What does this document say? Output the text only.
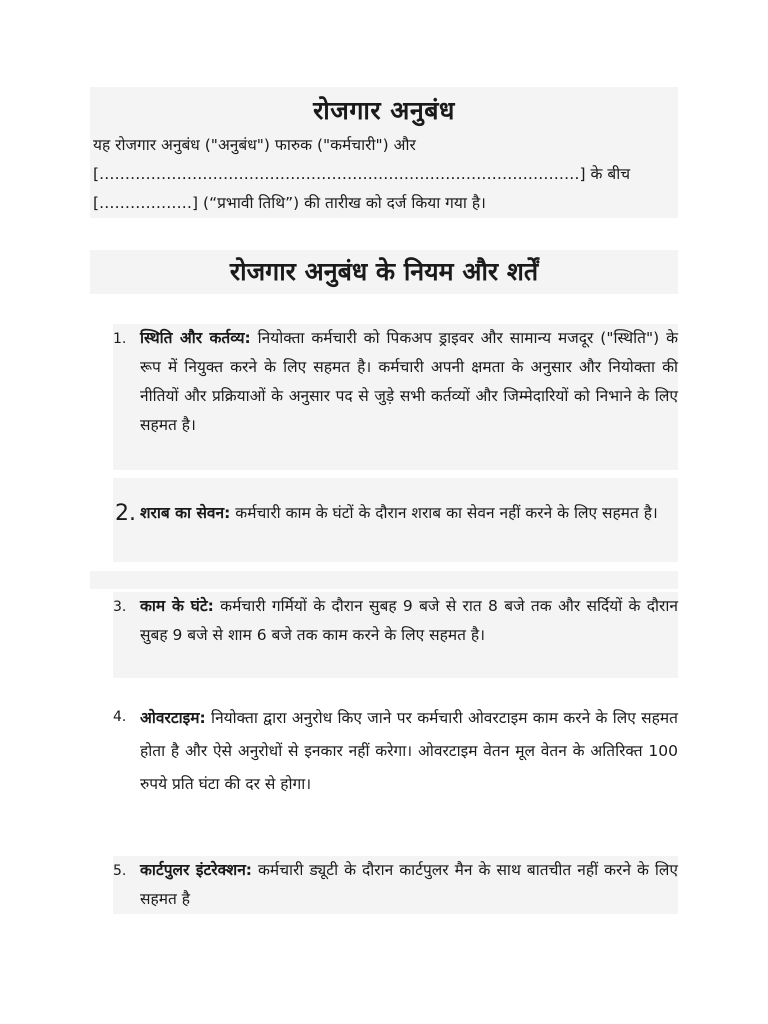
रोजगार अनुबंध
यह रोजगार अनुबंध ("अनुबंध") फारुक ("कर्मचारी") और
[…………………………………………………………………………………] के बीच
[………………] (“प्रभावी तिथि”) की तारीख को दर्ज किया गया है।
रोजगार अनुबंध के नियम और शर्तें
1. स्थिति और कर्तव्य: नियोक्ता कर्मचारी को पिकअप ड्राइवर और सामान्य मजदूर ("स्थिति") के रूप में नियुक्त करने के लिए सहमत है। कर्मचारी अपनी क्षमता के अनुसार और नियोक्ता की नीतियों और प्रक्रियाओं के अनुसार पद से जुड़े सभी कर्तव्यों और जिम्मेदारियों को निभाने के लिए सहमत है।
2. शराब का सेवन: कर्मचारी काम के घंटों के दौरान शराब का सेवन नहीं करने के लिए सहमत है।
3. काम के घंटे: कर्मचारी गर्मियों के दौरान सुबह 9 बजे से रात 8 बजे तक और सर्दियों के दौरान सुबह 9 बजे से शाम 6 बजे तक काम करने के लिए सहमत है।
4. ओवरटाइम: नियोक्ता द्वारा अनुरोध किए जाने पर कर्मचारी ओवरटाइम काम करने के लिए सहमत होता है और ऐसे अनुरोधों से इनकार नहीं करेगा। ओवरटाइम वेतन मूल वेतन के अतिरिक्त 100 रुपये प्रति घंटा की दर से होगा।
5. कार्टपुलर इंटरेक्शन: कर्मचारी ड्यूटी के दौरान कार्टपुलर मैन के साथ बातचीत नहीं करने के लिए सहमत है
